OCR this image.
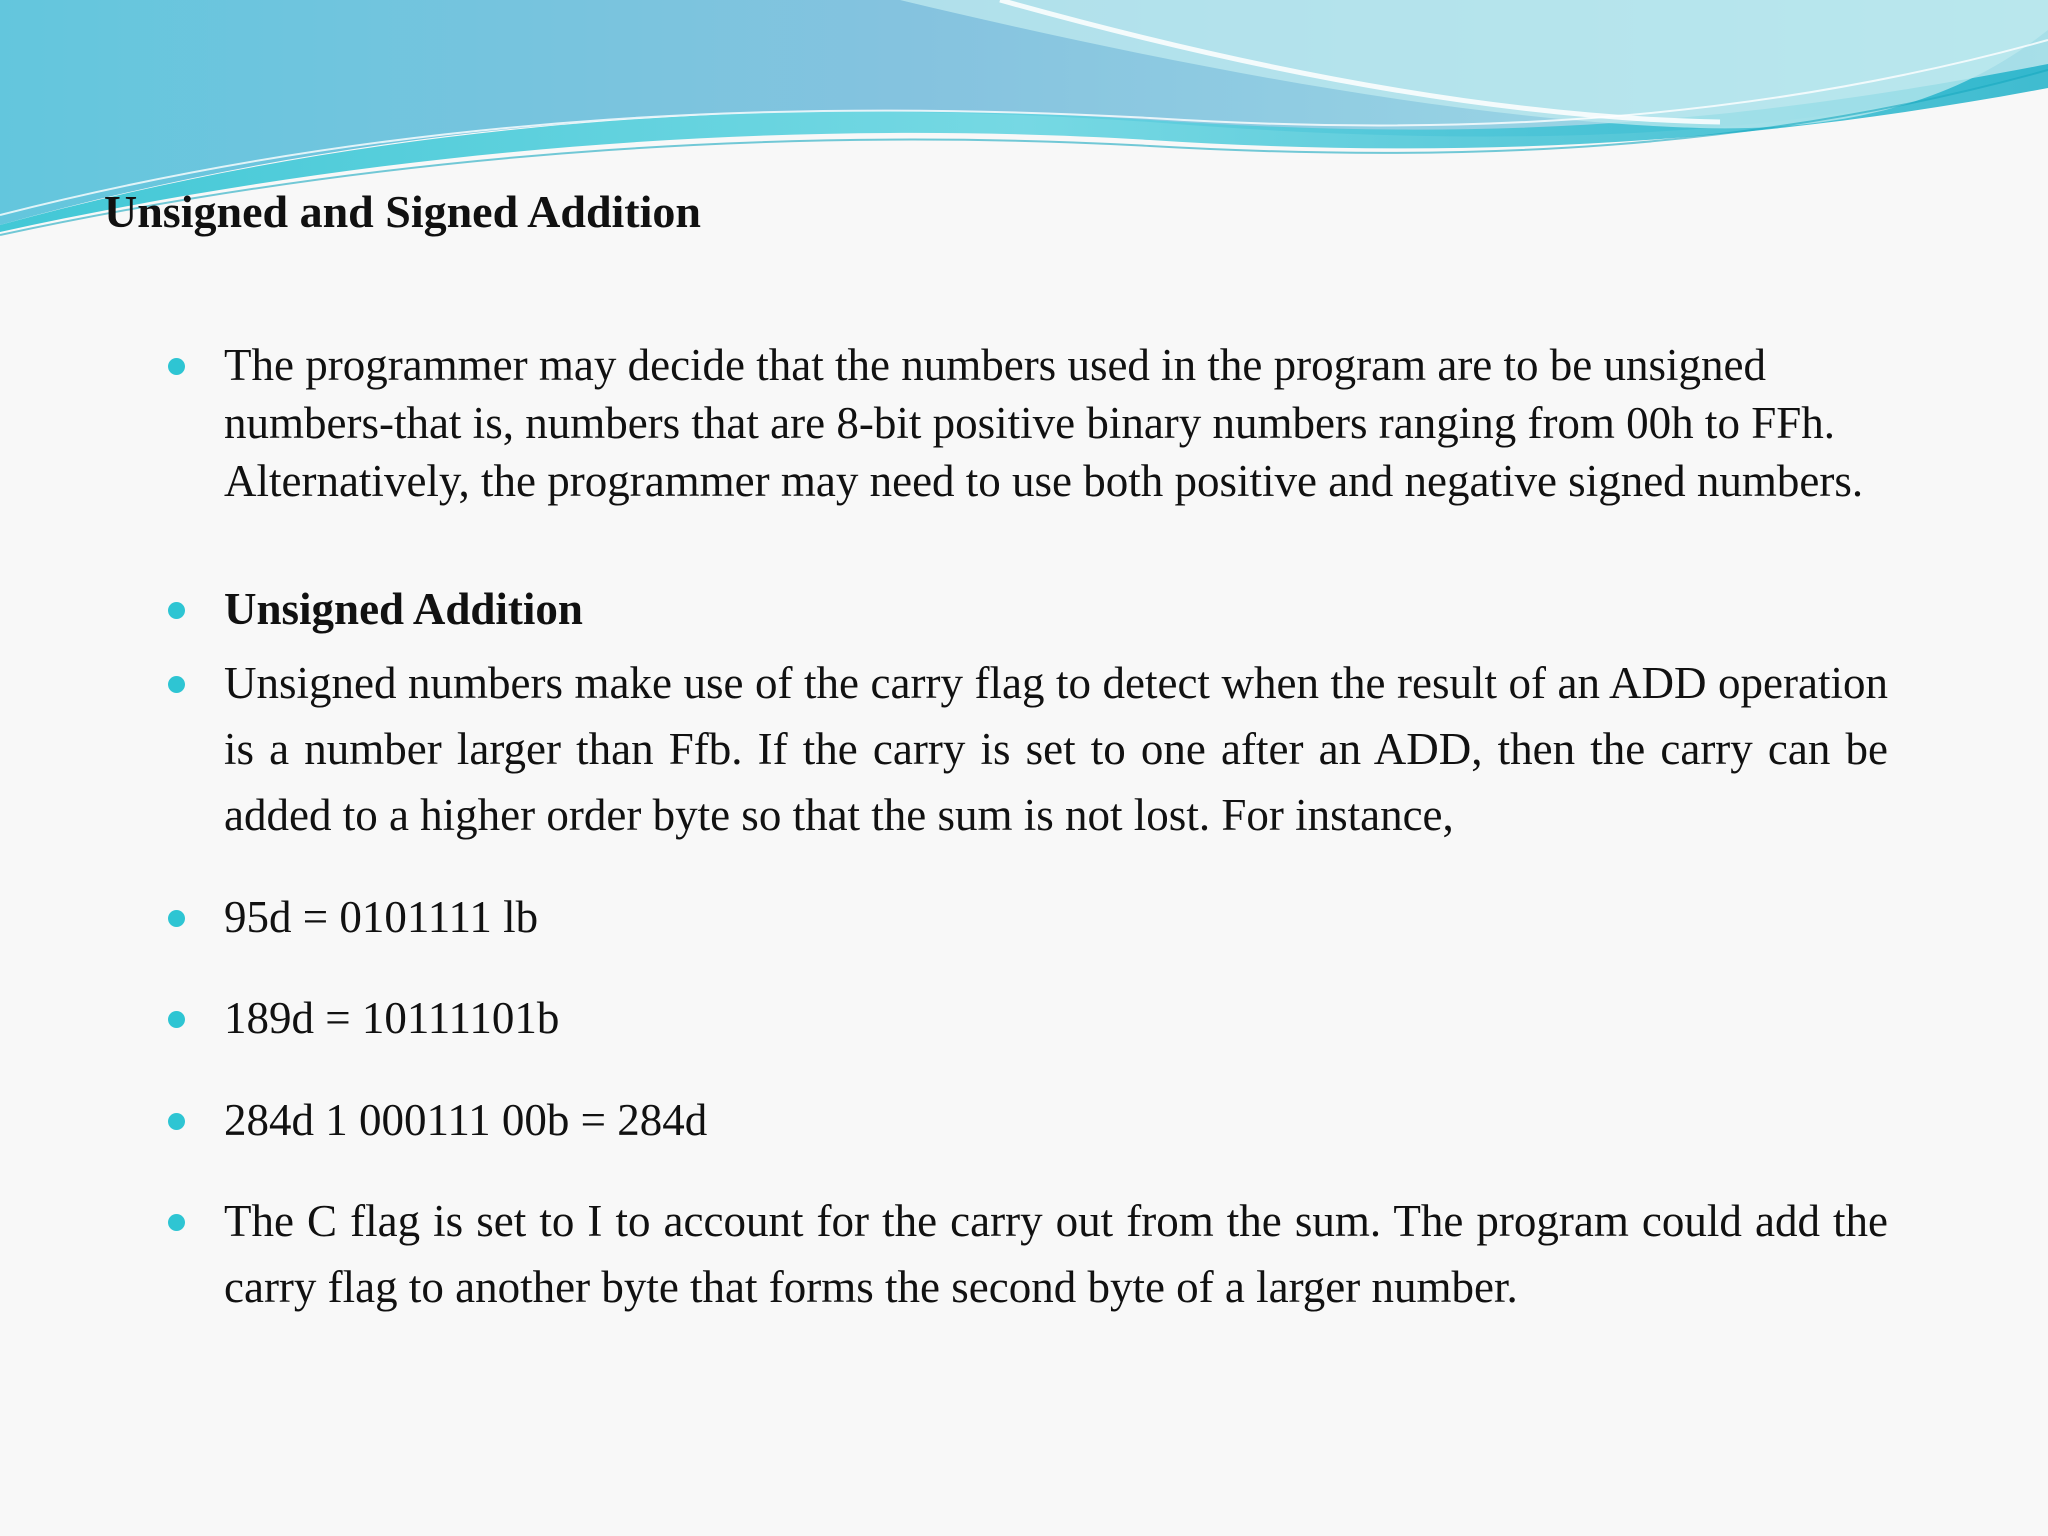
Unsigned and Signed Addition
The programmer may decide that the numbers used in the program are to be unsigned numbers-that is, numbers that are 8-bit positive binary numbers ranging from 00h to FFh. Alternatively, the programmer may need to use both positive and negative signed numbers.
Unsigned Addition
Unsigned numbers make use of the carry flag to detect when the result of an ADD operation is a number larger than Ffb. If the carry is set to one after an ADD, then the carry can be added to a higher order byte so that the sum is not lost. For instance,
95d = 0101111 lb
189d = 10111101b
284d 1 000111 00b = 284d
The C flag is set to I to account for the carry out from the sum. The program could add the carry flag to another byte that forms the second byte of a larger number.
